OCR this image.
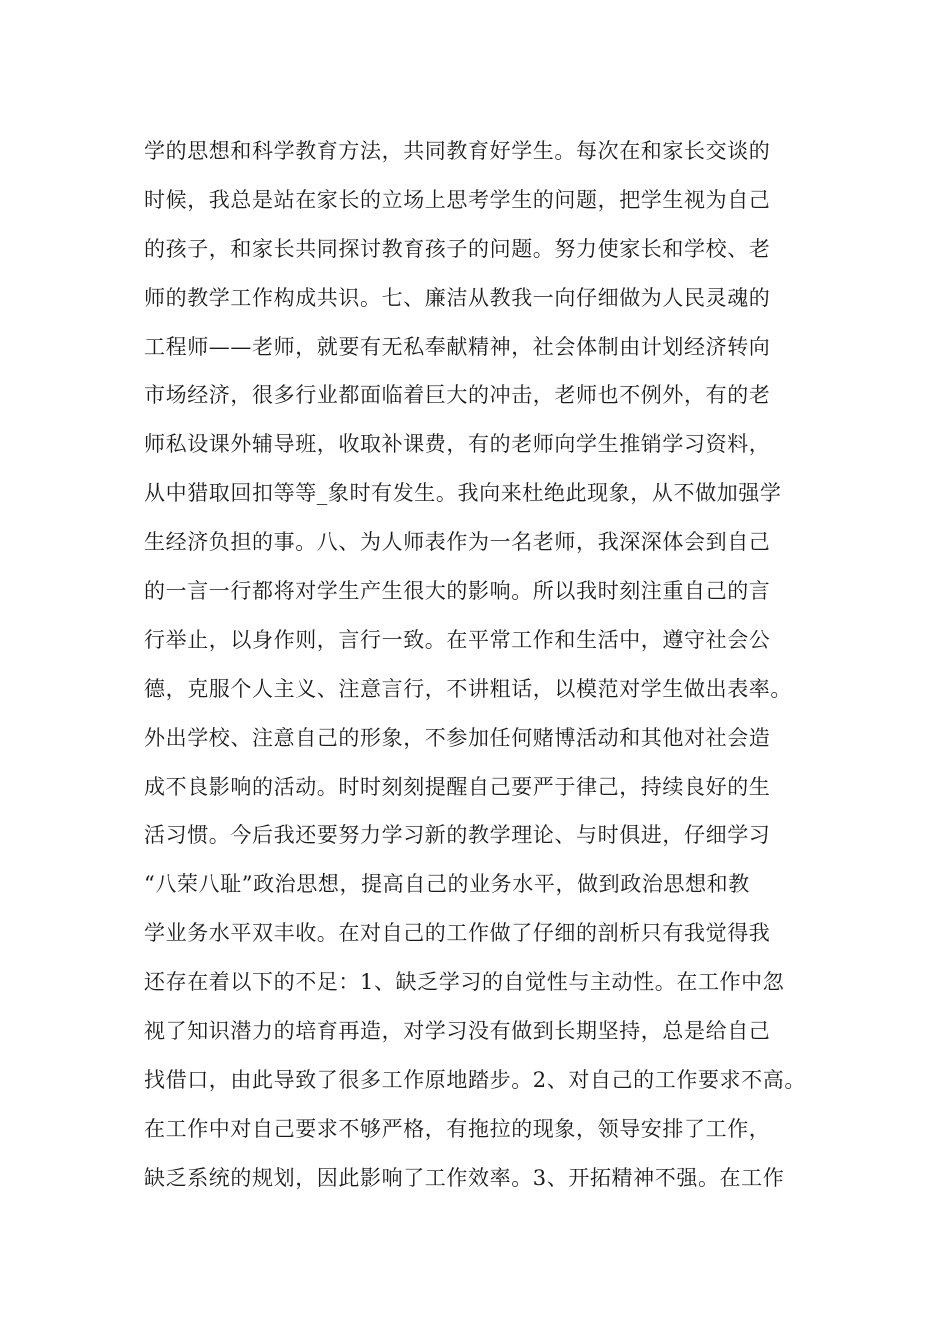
学的思想和科学教育方法，共同教育好学生。每次在和家长交谈的
时候，我总是站在家长的立场上思考学生的问题，把学生视为自己
的孩子，和家长共同探讨教育孩子的问题。努力使家长和学校、老
师的教学工作构成共识。七、廉洁从教我一向仔细做为人民灵魂的
工程师——老师，就要有无私奉献精神，社会体制由计划经济转向
市场经济，很多行业都面临着巨大的冲击，老师也不例外，有的老
师私设课外辅导班，收取补课费，有的老师向学生推销学习资料，
从中猎取回扣等等_象时有发生。我向来杜绝此现象，从不做加强学
生经济负担的事。八、为人师表作为一名老师，我深深体会到自己
的一言一行都将对学生产生很大的影响。所以我时刻注重自己的言
行举止，以身作则，言行一致。在平常工作和生活中，遵守社会公
德，克服个人主义、注意言行，不讲粗话，以模范对学生做出表率。
外出学校、注意自己的形象，不参加任何赌博活动和其他对社会造
成不良影响的活动。时时刻刻提醒自己要严于律己，持续良好的生
活习惯。今后我还要努力学习新的教学理论、与时俱进，仔细学习
“八荣八耻”政治思想，提高自己的业务水平，做到政治思想和教
学业务水平双丰收。在对自己的工作做了仔细的剖析只有我觉得我
还存在着以下的不足：1、缺乏学习的自觉性与主动性。在工作中忽
视了知识潜力的培育再造，对学习没有做到长期坚持，总是给自己
找借口，由此导致了很多工作原地踏步。2、对自己的工作要求不高。
在工作中对自己要求不够严格，有拖拉的现象，领导安排了工作，
缺乏系统的规划，因此影响了工作效率。3、开拓精神不强。在工作
